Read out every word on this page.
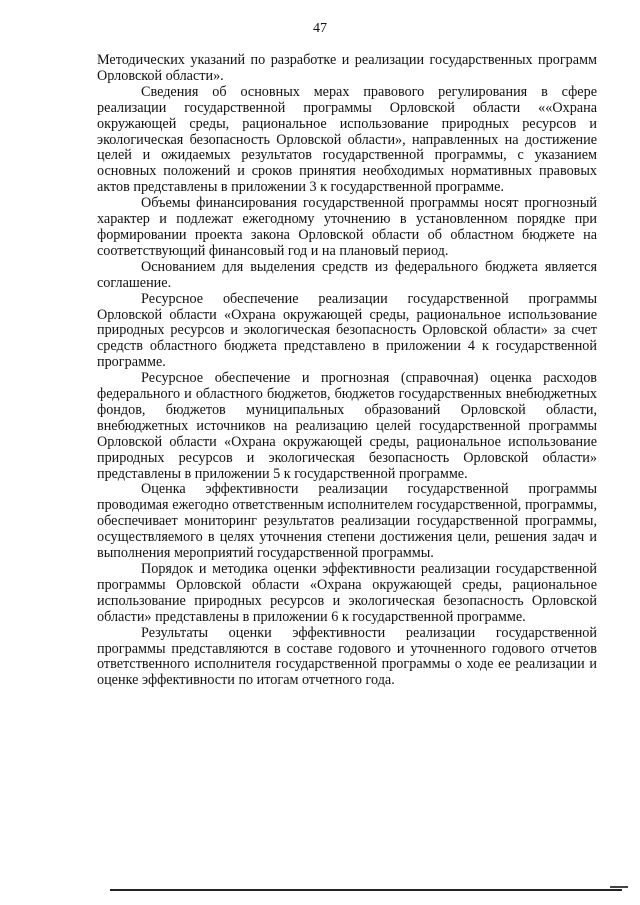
47

Методических указаний по разработке и реализации государственных программ Орловской области».

Сведения об основных мерах правового регулирования в сфере реализации государственной программы Орловской области ««Охрана окружающей среды, рациональное использование природных ресурсов и экологическая безопасность Орловской области», направленных на достижение целей и ожидаемых результатов государственной программы, с указанием основных положений и сроков принятия необходимых нормативных правовых актов представлены в приложении 3 к государственной программе.

Объемы финансирования государственной программы носят прогнозный характер и подлежат ежегодному уточнению в установленном порядке при формировании проекта закона Орловской области об областном бюджете на соответствующий финансовый год и на плановый период.

Основанием для выделения средств из федерального бюджета является соглашение.

Ресурсное обеспечение реализации государственной программы Орловской области «Охрана окружающей среды, рациональное использование природных ресурсов и экологическая безопасность Орловской области» за счет средств областного бюджета представлено в приложении 4 к государственной программе.

Ресурсное обеспечение и прогнозная (справочная) оценка расходов федерального и областного бюджетов, бюджетов государственных внебюджетных фондов, бюджетов муниципальных образований Орловской области, внебюджетных источников на реализацию целей государственной программы Орловской области «Охрана окружающей среды, рациональное использование природных ресурсов и экологическая безопасность Орловской области» представлены в приложении 5 к государственной программе.

Оценка эффективности реализации государственной программы проводимая ежегодно ответственным исполнителем государственной, программы, обеспечивает мониторинг результатов реализации государственной программы, осуществляемого в целях уточнения степени достижения цели, решения задач и выполнения мероприятий государственной программы.

Порядок и методика оценки эффективности реализации государственной программы Орловской области «Охрана окружающей среды, рациональное использование природных ресурсов и экологическая безопасность Орловской области» представлены в приложении 6 к государственной программе.

Результаты оценки эффективности реализации государственной программы представляются в составе годового и уточненного годового отчетов ответственного исполнителя государственной программы о ходе ее реализации и оценке эффективности по итогам отчетного года.
